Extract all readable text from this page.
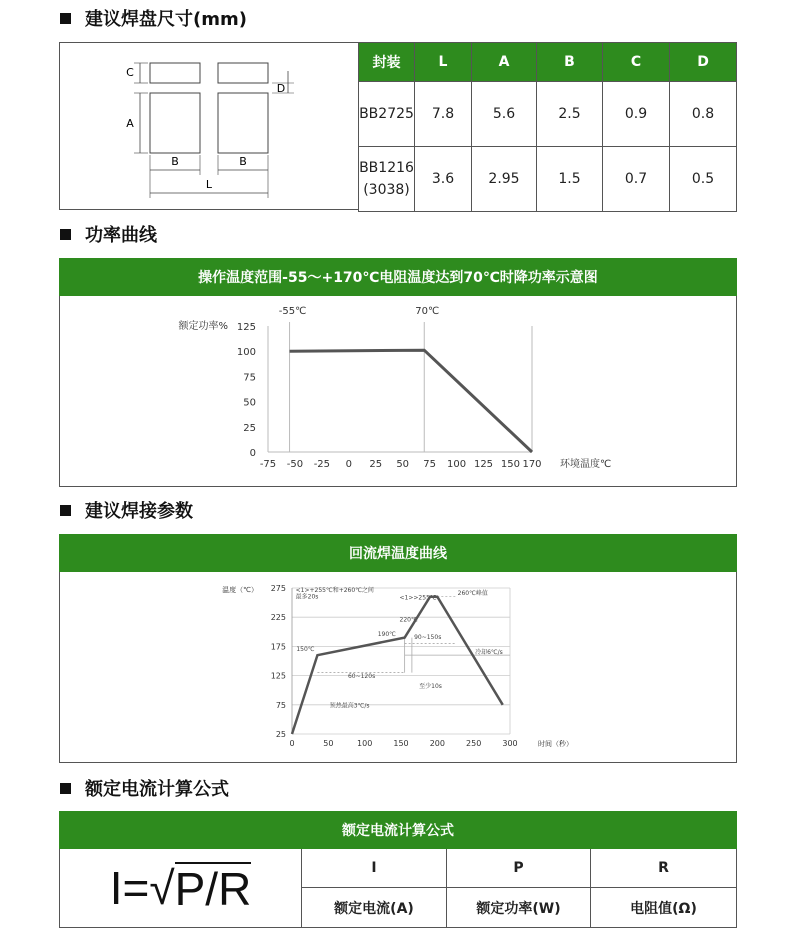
建议焊盘尺寸(mm)
C
A
D
B	B
L
封装	L	A	B	C	D
BB2725	7.8	5.6	2.5	0.9	0.8
BB1216
(3038)	3.6	2.95	1.5	0.7	0.5
功率曲线
操作温度范围-55～+170℃电阻温度达到70℃时降功率示意图
0
25
50
75
100
125
-75 -50 -25 0 25 50 75 100 125 150 170
-55℃	70℃
额定功率%
环境温度℃
建议焊接参数
回流焊温度曲线
25
75
125
175
225
275
0	50	100	150	200	250	300
温度（℃）
时间（秒）
<1>+255℃和+260℃之间
最多20s	<1>>255℃
260℃峰值
220℃
190℃	90~150s
150℃	冷却6℃/s
60~120s
至少10s
预热最高3℃/s
额定电流计算公式
额定电流计算公式
I= √ P/R	I	P	R
额定电流(A)	额定功率(W)	电阻值(Ω)
